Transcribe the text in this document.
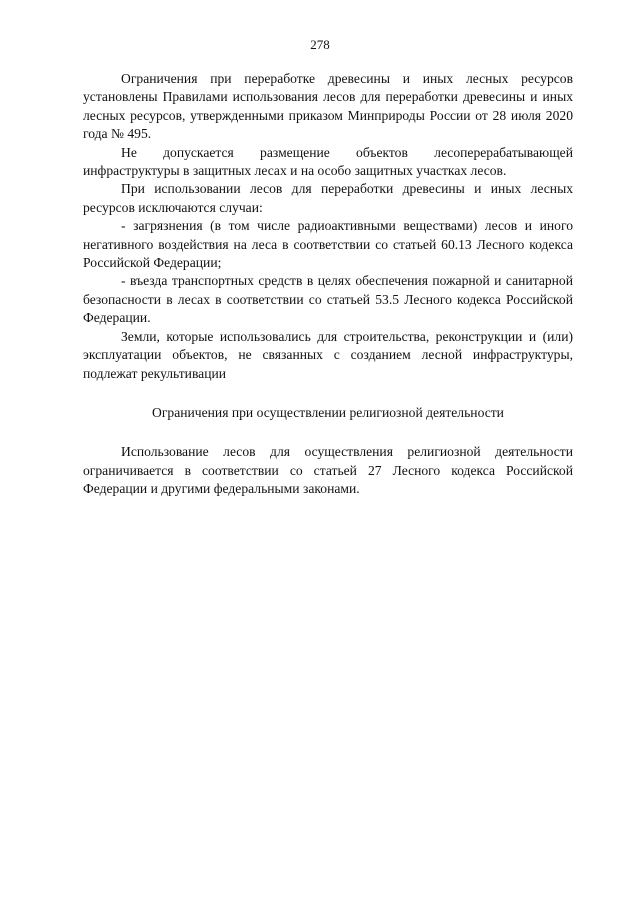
278

Ограничения при переработке древесины и иных лесных ресурсов установлены Правилами использования лесов для переработки древесины и иных лесных ресурсов, утвержденными приказом Минприроды России от 28 июля 2020 года № 495.

Не допускается размещение объектов лесоперерабатывающей инфраструктуры в защитных лесах и на особо защитных участках лесов.

При использовании лесов для переработки древесины и иных лесных ресурсов исключаются случаи:

- загрязнения (в том числе радиоактивными веществами) лесов и иного негативного воздействия на леса в соответствии со статьей 60.13 Лесного кодекса Российской Федерации;

- въезда транспортных средств в целях обеспечения пожарной и санитарной безопасности в лесах в соответствии со статьей 53.5 Лесного кодекса Российской Федерации.

Земли, которые использовались для строительства, реконструкции и (или) эксплуатации объектов, не связанных с созданием лесной инфраструктуры, подлежат рекультивации

Ограничения при осуществлении религиозной деятельности

Использование лесов для осуществления религиозной деятельности ограничивается в соответствии со статьей 27 Лесного кодекса Российской Федерации и другими федеральными законами.
